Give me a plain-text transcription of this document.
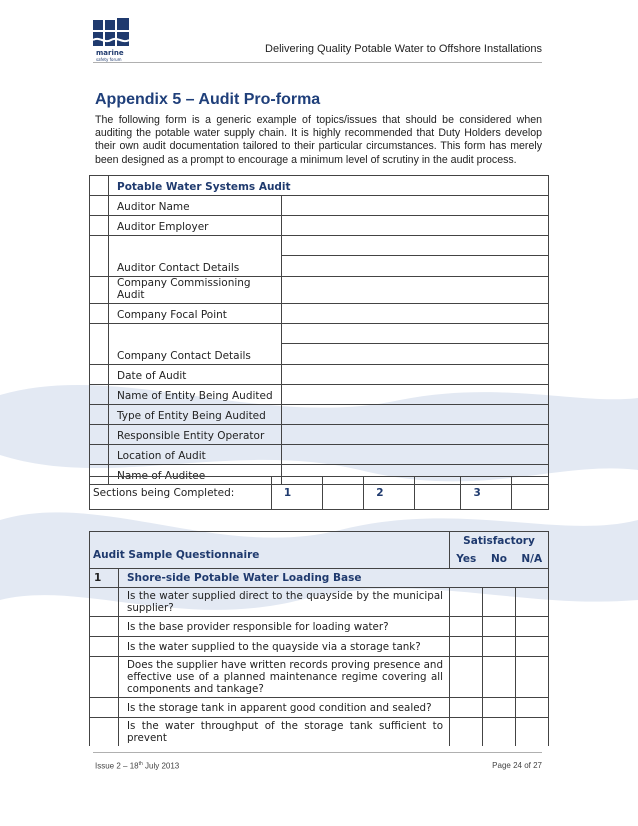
marine
safety forum
Delivering Quality Potable Water to Offshore Installations
Appendix 5 – Audit Pro-forma
The following form is a generic example of topics/issues that should be considered when auditing the potable water supply chain. It is highly recommended that Duty Holders develop their own audit documentation tailored to their particular circumstances. This form has merely been designed as a prompt to encourage a minimum level of scrutiny in the audit process.
	Potable Water Systems Audit	
	Auditor Name	
	Auditor Employer	
	Auditor Contact Details	

	Company Commissioning Audit	
	Company Focal Point	
	Company Contact Details	

	Date of Audit	
	Name of Entity Being Audited	
	Type of Entity Being Audited	
	Responsible Entity Operator	
	Location of Audit	
	Name of Auditee	
Sections being Completed:	1		2		3	
Audit Sample Questionnaire		Satisfactory		
		Yes	No	N/A
1	Shore-side Potable Water Loading Base			
	Is the water supplied direct to the quayside by the municipal supplier?			
	Is the base provider responsible for loading water?			
	Is the water supplied to the quayside via a storage tank?			
	Does the supplier have written records proving presence and effective use of a planned maintenance regime covering all components and tankage?			
	Is the storage tank in apparent good condition and sealed?			
	Is the water throughput of the storage tank sufficient to prevent			
Issue 2 – 18th July 2013	Page 24 of 27
